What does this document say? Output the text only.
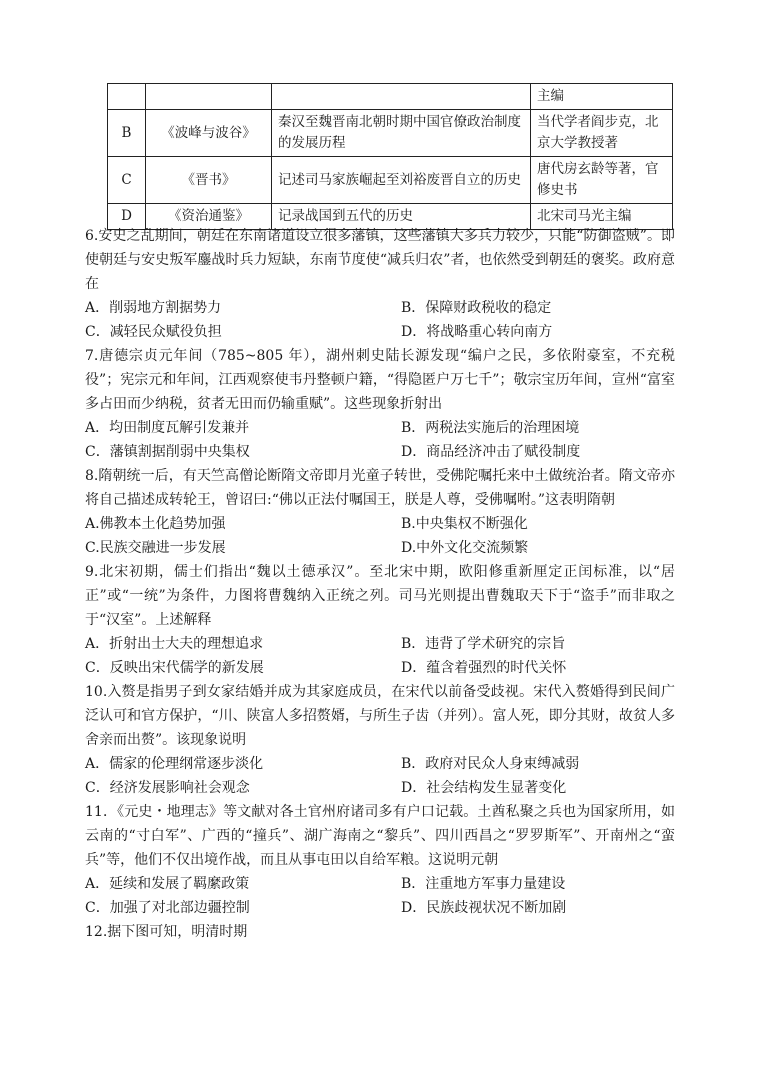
			主编
B	《波峰与波谷》	秦汉至魏晋南北朝时期中国官僚政治制度的发展历程	当代学者阎步克，北京大学教授著
C	《晋书》	记述司马家族崛起至刘裕废晋自立的历史	唐代房玄龄等著，官修史书
D	《资治通鉴》	记录战国到五代的历史	北宋司马光主编

6.安史之乱期间，朝廷在东南诸道设立很多藩镇，这些藩镇大多兵力较少，只能“防御盗贼”。即使朝廷与安史叛军鏖战时兵力短缺，东南节度使“减兵归农”者，也依然受到朝廷的褒奖。政府意在

A．削弱地方割据势力	B．保障财政税收的稳定
C．减轻民众赋役负担	D．将战略重心转向南方

7.唐德宗贞元年间（785~805 年），湖州刺史陆长源发现“编户之民，多依附豪室，不充税役”；宪宗元和年间，江西观察使韦丹整顿户籍，“得隐匿户万七千”；敬宗宝历年间，宣州“富室多占田而少纳税，贫者无田而仍输重赋”。这些现象折射出

A．均田制度瓦解引发兼并	B．两税法实施后的治理困境
C．藩镇割据削弱中央集权	D．商品经济冲击了赋役制度

8.隋朝统一后，有天竺高僧论断隋文帝即月光童子转世，受佛陀嘱托来中土做统治者。隋文帝亦将自己描述成转轮王，曾诏曰:“佛以正法付嘱国王，朕是人尊，受佛嘱咐。”这表明隋朝

A.佛教本土化趋势加强	B.中央集权不断强化
C.民族交融进一步发展	D.中外文化交流频繁

9.北宋初期，儒士们指出“魏以土德承汉”。至北宋中期，欧阳修重新厘定正闰标准，以“居正”或“一统”为条件，力图将曹魏纳入正统之列。司马光则提出曹魏取天下于“盗手”而非取之于“汉室”。上述解释

A．折射出士大夫的理想追求	B．违背了学术研究的宗旨
C．反映出宋代儒学的新发展	D．蕴含着强烈的时代关怀

10.入赘是指男子到女家结婚并成为其家庭成员，在宋代以前备受歧视。宋代入赘婚得到民间广泛认可和官方保护，“川、陕富人多招赘婿，与所生子齿（并列）。富人死，即分其财，故贫人多舍亲而出赘”。该现象说明

A．儒家的伦理纲常逐步淡化	B．政府对民众人身束缚减弱
C．经济发展影响社会观念	D．社会结构发生显著变化

11．《元史・地理志》等文献对各土官州府诸司多有户口记载。土酋私聚之兵也为国家所用，如云南的“寸白军”、广西的“撞兵”、湖广海南之“黎兵”、四川西昌之“罗罗斯军”、开南州之“蛮兵”等，他们不仅出境作战，而且从事屯田以自给军粮。这说明元朝

A．延续和发展了羁縻政策	B．注重地方军事力量建设
C．加强了对北部边疆控制	D．民族歧视状况不断加剧

12.据下图可知，明清时期
